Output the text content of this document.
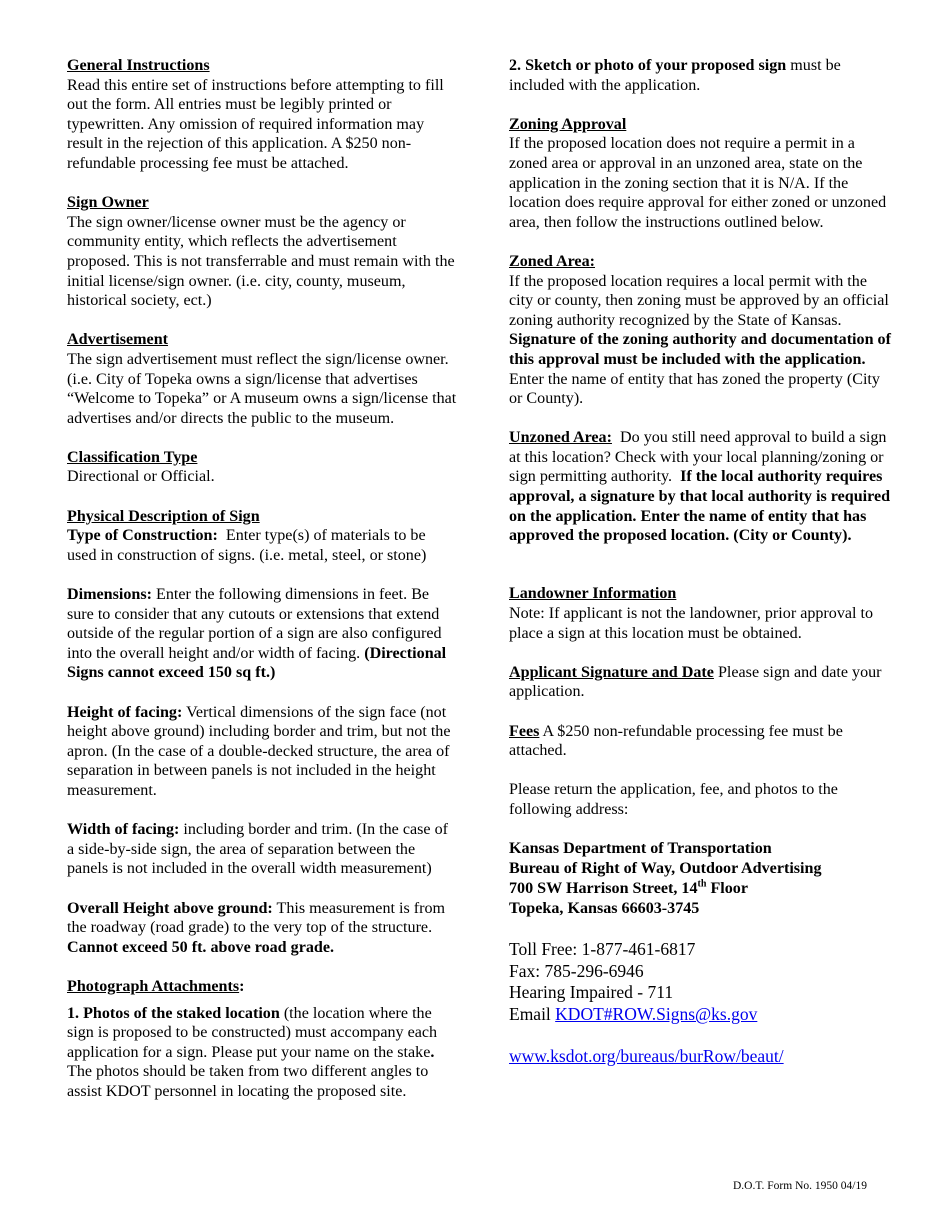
General Instructions

Read this entire set of instructions before attempting to fill out the form. All entries must be legibly printed or typewritten. Any omission of required information may result in the rejection of this application. A $250 non-refundable processing fee must be attached.

Sign Owner

The sign owner/license owner must be the agency or community entity, which reflects the advertisement proposed. This is not transferrable and must remain with the initial license/sign owner. (i.e. city, county, museum, historical society, ect.)

Advertisement

The sign advertisement must reflect the sign/license owner. (i.e. City of Topeka owns a sign/license that advertises “Welcome to Topeka” or A museum owns a sign/license that advertises and/or directs the public to the museum.

Classification Type

Directional or Official.

Physical Description of Sign

Type of Construction: Enter type(s) of materials to be used in construction of signs. (i.e. metal, steel, or stone)

Dimensions: Enter the following dimensions in feet. Be sure to consider that any cutouts or extensions that extend outside of the regular portion of a sign are also configured into the overall height and/or width of facing. (Directional Signs cannot exceed 150 sq ft.)

Height of facing: Vertical dimensions of the sign face (not height above ground) including border and trim, but not the apron. (In the case of a double-decked structure, the area of separation in between panels is not included in the height measurement.

Width of facing: including border and trim. (In the case of a side-by-side sign, the area of separation between the panels is not included in the overall width measurement)

Overall Height above ground: This measurement is from the roadway (road grade) to the very top of the structure.  Cannot exceed 50 ft. above road grade.

Photograph Attachments:

1. Photos of the staked location (the location where the sign is proposed to be constructed) must accompany each application for a sign. Please put your name on the stake.  The photos should be taken from two different angles to assist KDOT personnel in locating the proposed site.

2. Sketch or photo of your proposed sign must be included with the application.

Zoning Approval

If the proposed location does not require a permit in a zoned area or approval in an unzoned area, state on the application in the zoning section that it is N/A. If the location does require approval for either zoned or unzoned area, then follow the instructions outlined below.

Zoned Area:

If the proposed location requires a local permit with the city or county, then zoning must be approved by an official zoning authority recognized by the State of Kansas.  Signature of the zoning authority and documentation of this approval must be included with the application.  Enter the name of entity that has zoned the property (City or County).

Unzoned Area: Do you still need approval to build a sign at this location? Check with your local planning/zoning or sign permitting authority. If the local authority requires approval, a signature by that local authority is required on the application. Enter the name of entity that has approved the proposed location. (City or County).

Landowner Information

Note: If applicant is not the landowner, prior approval to place a sign at this location must be obtained.

Applicant Signature and Date Please sign and date your application.

Fees A $250 non-refundable processing fee must be attached.

Please return the application, fee, and photos to the following address:

Kansas Department of Transportation
Bureau of Right of Way, Outdoor Advertising
700 SW Harrison Street, 14th Floor
Topeka, Kansas 66603-3745
Toll Free: 1-877-461-6817
Fax: 785-296-6946
Hearing Impaired - 711
Email KDOT#ROW.Signs@ks.gov
www.ksdot.org/bureaus/burRow/beaut/
D.O.T. Form No. 1950 04/19
